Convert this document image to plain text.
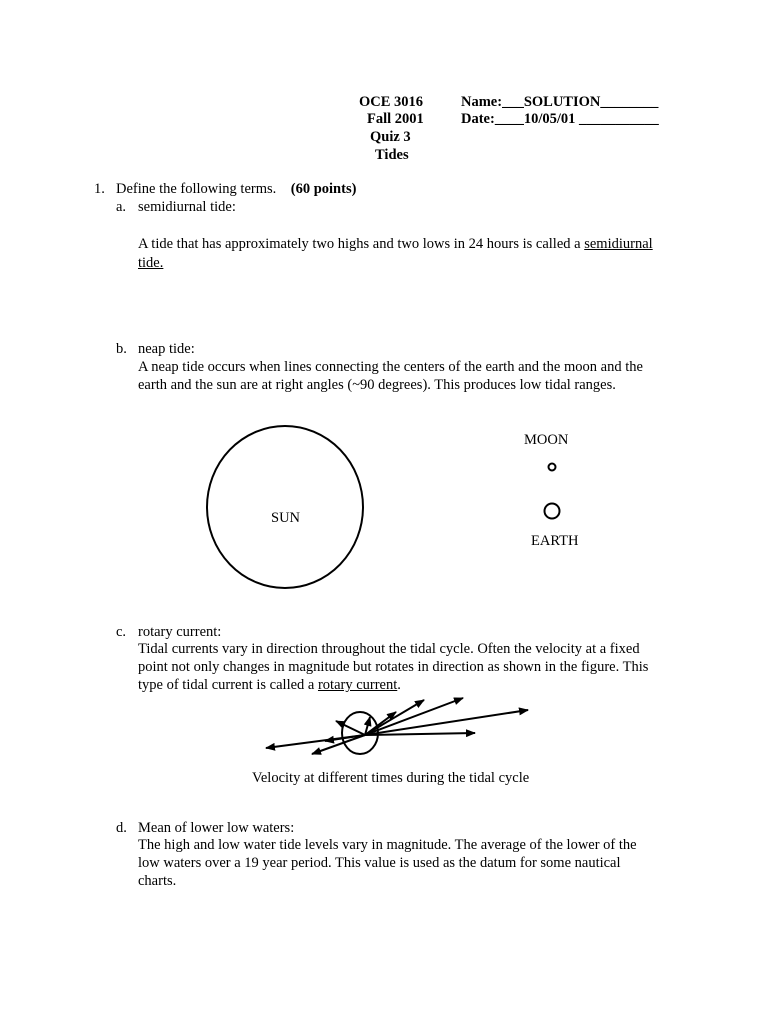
OCE 3016
Fall 2001
Quiz 3
Tides
Name:___SOLUTION________
Date:____10/05/01 ___________
1. Define the following terms. (60 points)
a. semidiurnal tide:
A tide that has approximately two highs and two lows in 24 hours is called a semidiurnal
tide.
b. neap tide:
A neap tide occurs when lines connecting the centers of the earth and the moon and the
earth and the sun are at right angles (~90 degrees). This produces low tidal ranges.
SUN
MOON
EARTH
c. rotary current:
Tidal currents vary in direction throughout the tidal cycle. Often the velocity at a fixed
point not only changes in magnitude but rotates in direction as shown in the figure. This
type of tidal current is called a rotary current.
Velocity at different times during the tidal cycle
d. Mean of lower low waters:
The high and low water tide levels vary in magnitude. The average of the lower of the
low waters over a 19 year period. This value is used as the datum for some nautical
charts.
